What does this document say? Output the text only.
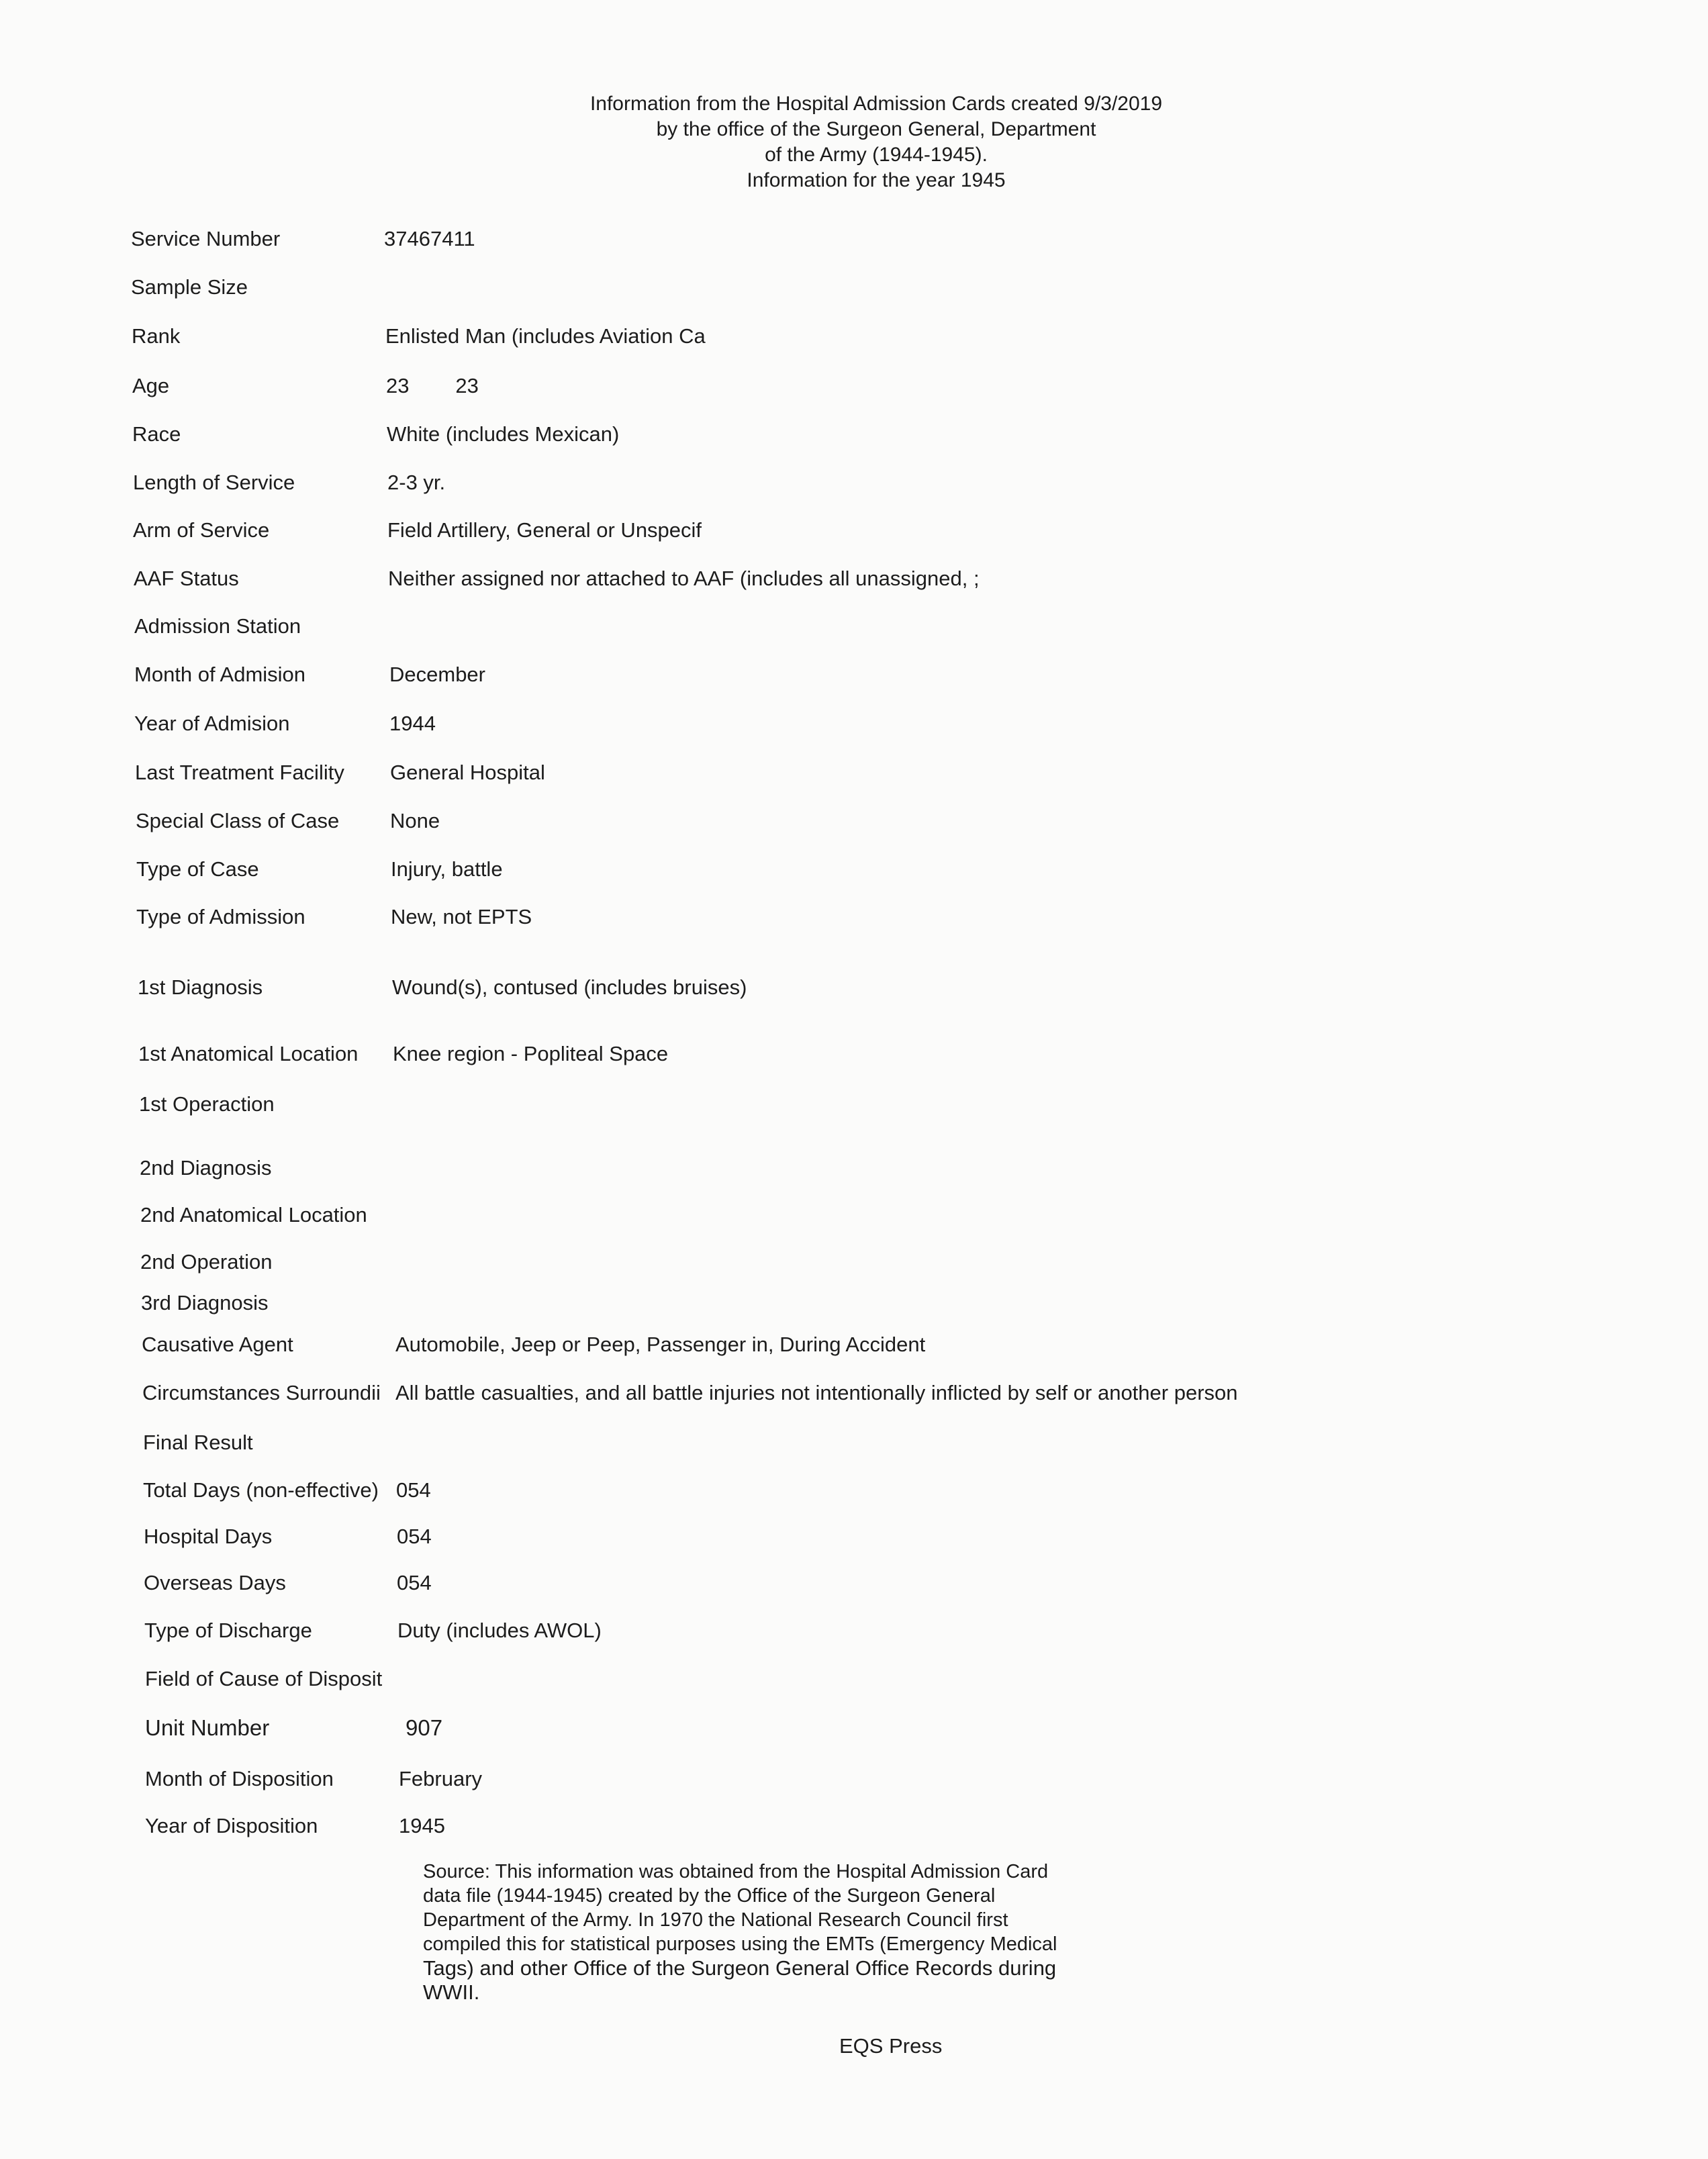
Information from the Hospital Admission Cards created 9/3/2019
by the office of the Surgeon General, Department
of the Army (1944-1945).
Information for the year 1945
Service Number	37467411
Sample Size
Rank	Enlisted Man (includes Aviation Ca
Age	23        23
Race	White (includes Mexican)
Length of Service	2-3 yr.
Arm of Service	Field Artillery, General or Unspecif
AAF Status	Neither assigned nor attached to AAF (includes all unassigned, ;
Admission Station
Month of Admision	December
Year of Admision	1944
Last Treatment Facility	General Hospital
Special Class of Case	None
Type of Case	Injury, battle
Type of Admission	New, not EPTS
1st Diagnosis	Wound(s), contused (includes bruises)
1st Anatomical Location	Knee region - Popliteal Space
1st Operaction
2nd Diagnosis
2nd Anatomical Location
2nd Operation
3rd Diagnosis
Causative Agent	Automobile, Jeep or Peep, Passenger in, During Accident
Circumstances Surroundii All battle casualties, and all battle injuries not intentionally inflicted by self or another person
Final Result
Total Days (non-effective) 054
Hospital Days	054
Overseas Days	054
Type of Discharge	Duty (includes AWOL)
Field of Cause of Disposit
Unit Number	907
Month of Disposition	February
Year of Disposition	1945
Source: This information was obtained from the Hospital Admission Card
data file (1944-1945) created by the Office of the Surgeon General
Department of the Army. In 1970 the National Research Council first
compiled this for statistical purposes using the EMTs (Emergency Medical
Tags) and other Office of the Surgeon General Office Records during
WWII.
EQS Press
